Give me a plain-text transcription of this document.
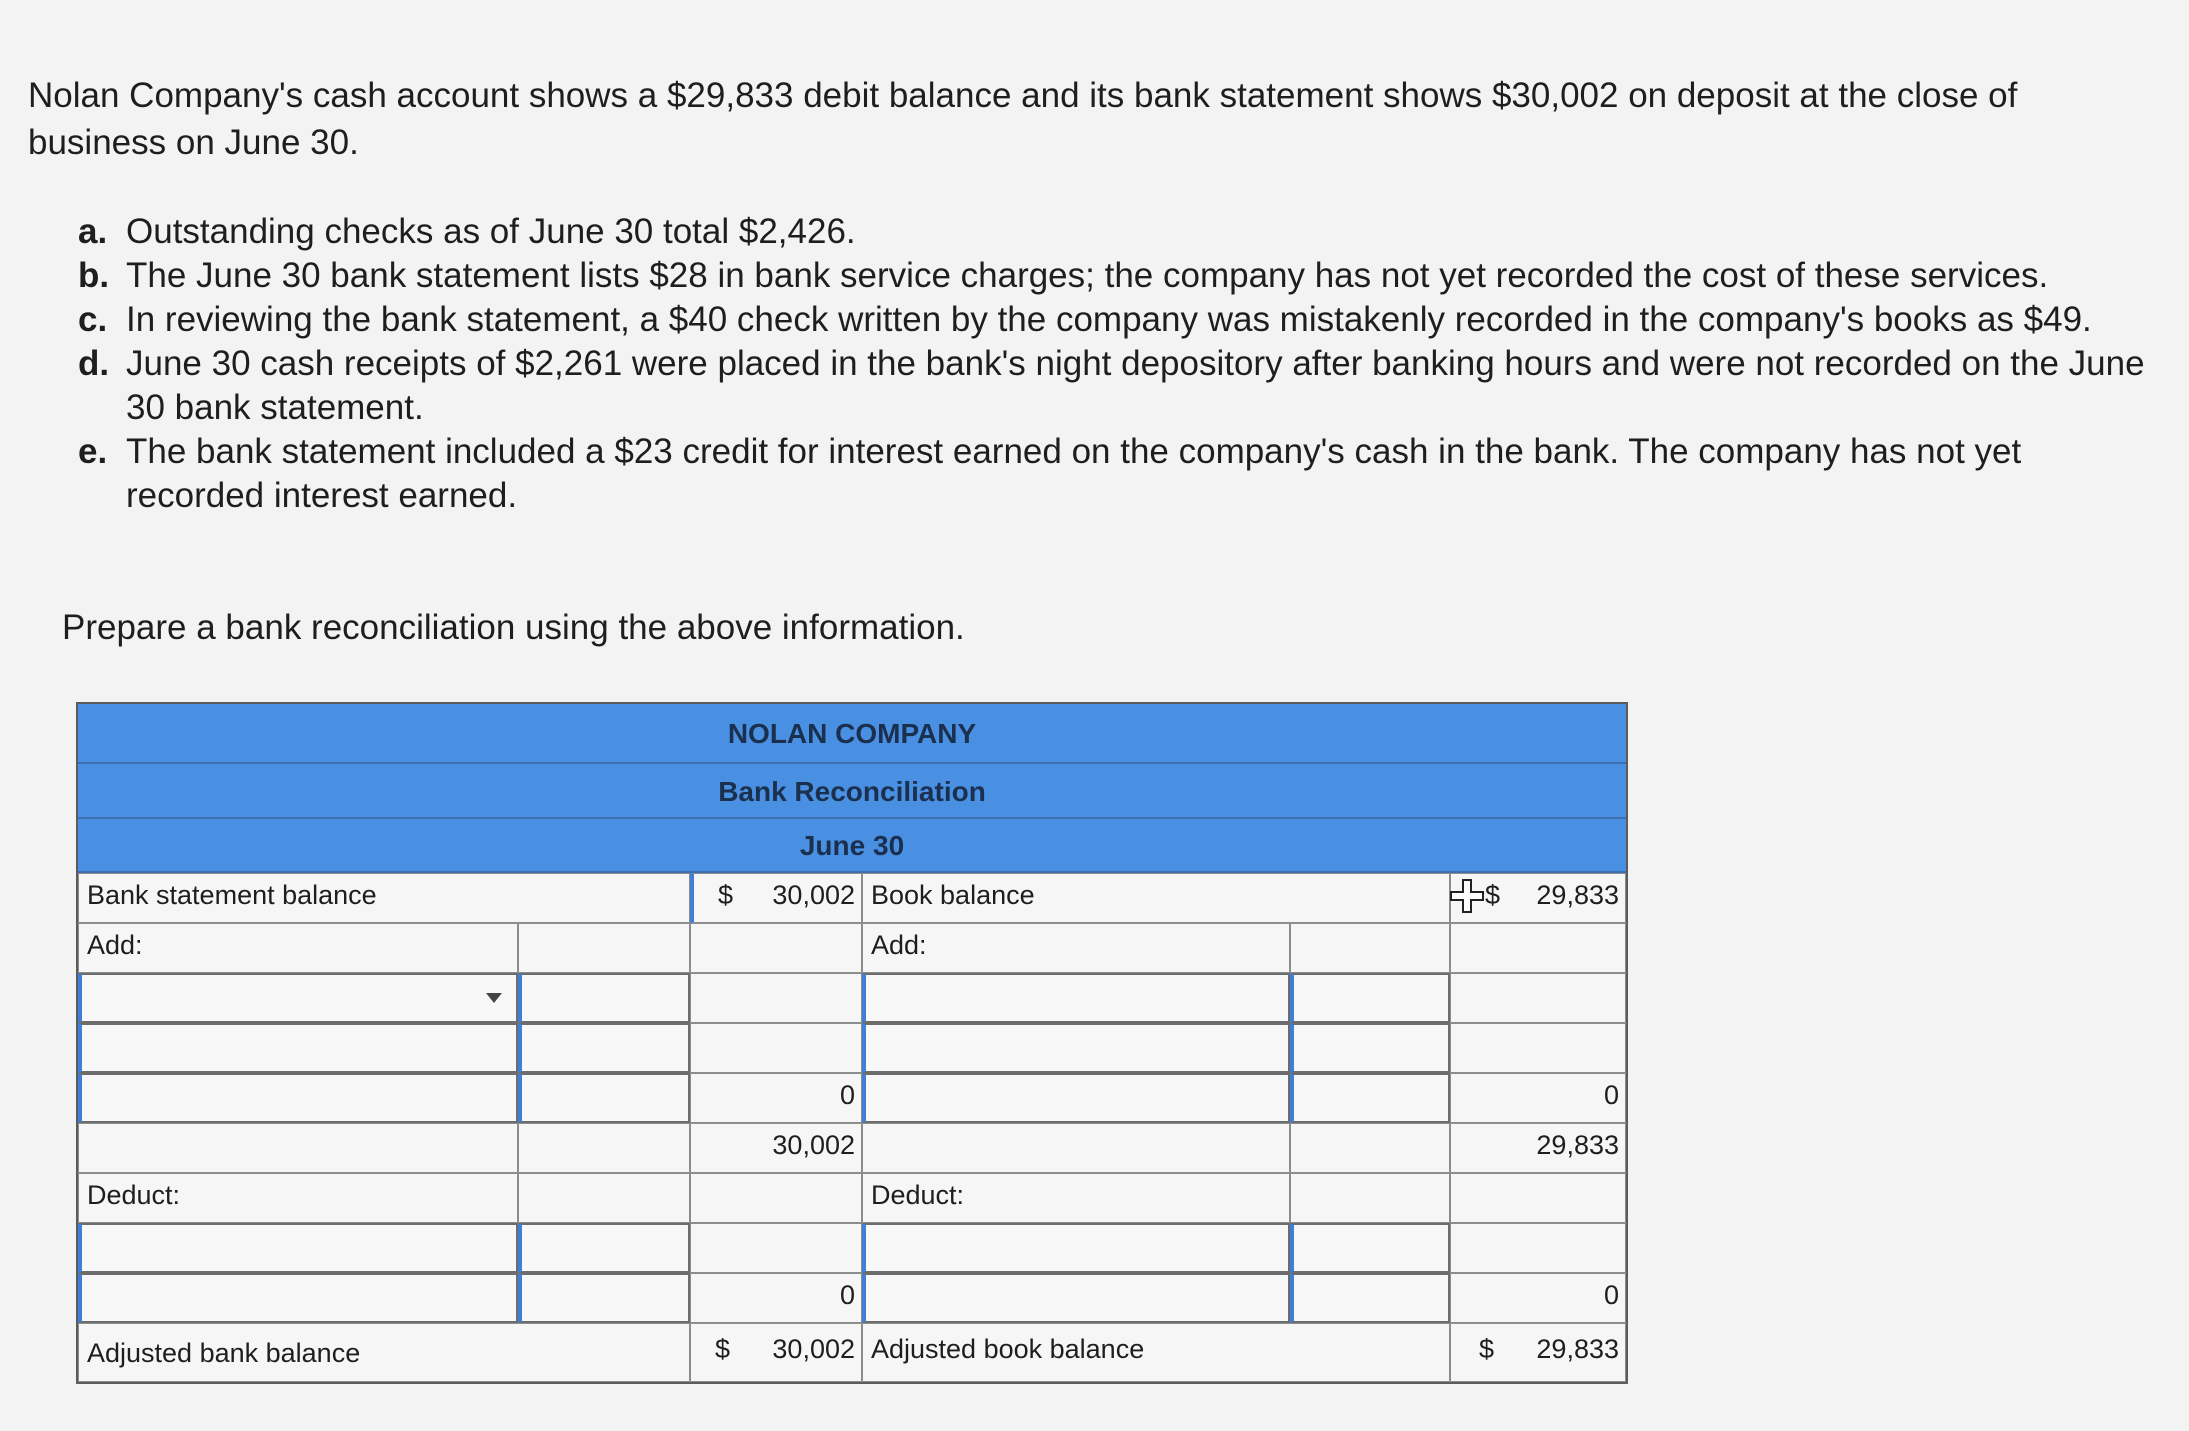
Nolan Company's cash account shows a $29,833 debit balance and its bank statement shows $30,002 on deposit at the close of business on June 30.
a. Outstanding checks as of June 30 total $2,426.
b. The June 30 bank statement lists $28 in bank service charges; the company has not yet recorded the cost of these services.
c. In reviewing the bank statement, a $40 check written by the company was mistakenly recorded in the company's books as $49.
d. June 30 cash receipts of $2,261 were placed in the bank's night depository after banking hours and were not recorded on the June 30 bank statement.
e. The bank statement included a $23 credit for interest earned on the company's cash in the bank. The company has not yet recorded interest earned.
Prepare a bank reconciliation using the above information.
NOLAN COMPANY
Bank Reconciliation
June 30
Bank statement balance	$ 30,002 Book balance	$ 29,833
Add:	Add:
0	0
30,002	29,833
Deduct:	Deduct:
0	0
Adjusted bank balance	$ 30,002 Adjusted book balance	$ 29,833
